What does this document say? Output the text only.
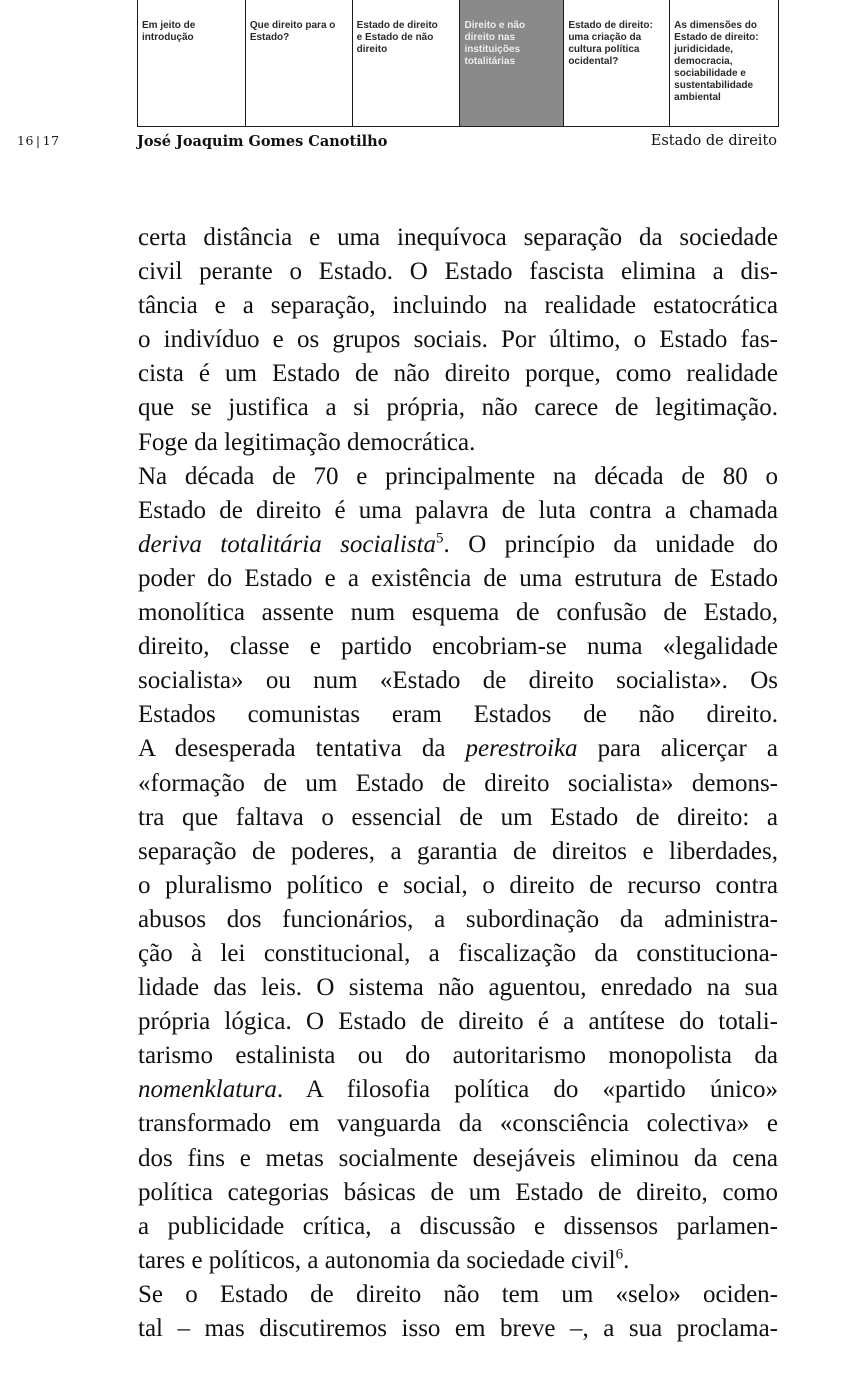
Em jeito de
introdução
Que direito para o
Estado?
Estado de direito
e Estado de não
direito
Direito e não
direito nas
instituições
totalitárias
Estado de direito:
uma criação da
cultura política
ocidental?
As dimensões do
Estado de direito:
juridicidade,
democracia,
sociabilidade e
sustentabilidade
ambiental
16 | 17	José Joaquim Gomes Canotilho	Estado de direito
certa distância e uma inequívoca separação da sociedade
civil perante o Estado. O Estado fascista elimina a dis-
tância e a separação, incluindo na realidade estatocrática
o indivíduo e os grupos sociais. Por último, o Estado fas-
cista é um Estado de não direito porque, como realidade
que se justifica a si própria, não carece de legitimação.
Foge da legitimação democrática.
Na década de 70 e principalmente na década de 80 o
Estado de direito é uma palavra de luta contra a chamada
deriva totalitária socialista$^5$. O princípio da unidade do
poder do Estado e a existência de uma estrutura de Estado
monolítica assente num esquema de confusão de Estado,
direito, classe e partido encobriam-se numa «legalidade
socialista» ou num «Estado de direito socialista». Os
Estados comunistas eram Estados de não direito.
A desesperada tentativa da perestroika para alicerçar a
«formação de um Estado de direito socialista» demons-
tra que faltava o essencial de um Estado de direito: a
separação de poderes, a garantia de direitos e liberdades,
o pluralismo político e social, o direito de recurso contra
abusos dos funcionários, a subordinação da administra-
ção à lei constitucional, a fiscalização da constituciona-
lidade das leis. O sistema não aguentou, enredado na sua
própria lógica. O Estado de direito é a antítese do totali-
tarismo estalinista ou do autoritarismo monopolista da
nomenklatura. A filosofia política do «partido único»
transformado em vanguarda da «consciência colectiva» e
dos fins e metas socialmente desejáveis eliminou da cena
política categorias básicas de um Estado de direito, como
a publicidade crítica, a discussão e dissensos parlamen-
tares e políticos, a autonomia da sociedade civil$^6$.
Se o Estado de direito não tem um «selo» ociden-
tal – mas discutiremos isso em breve –, a sua proclama-
